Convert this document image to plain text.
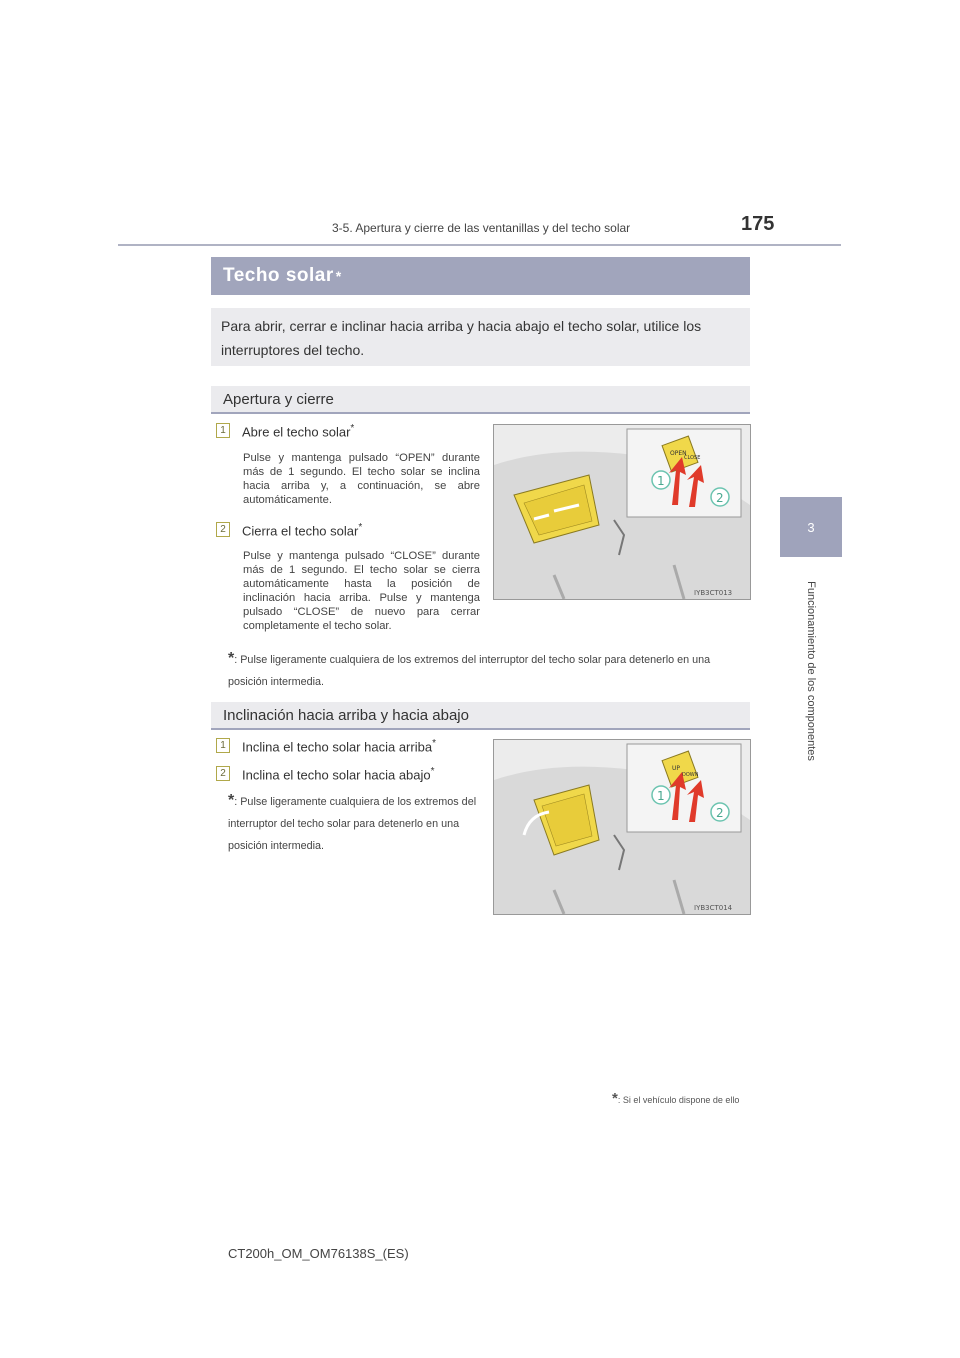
3-5. Apertura y cierre de las ventanillas y del techo solar	175
3
Funcionamiento de los componentes
Techo solar *
Para abrir, cerrar e inclinar hacia arriba y hacia abajo el techo solar, utilice los interruptores del techo.
Apertura y cierre
1	Abre el techo solar*
Pulse y mantenga pulsado “OPEN” durante más de 1 segundo. El techo solar se inclina hacia arriba y, a continuación, se abre automáticamente.
2	Cierra el techo solar*
Pulse y mantenga pulsado “CLOSE” durante más de 1 segundo. El techo solar se cierra automáticamente hasta la posición de inclinación hacia arriba. Pulse y mantenga pulsado “CLOSE” de nuevo para cerrar completamente el techo solar.
OPEN
CLOSE
1
2
IYB3CT013
*: Pulse ligeramente cualquiera de los extremos del interruptor del techo solar para detenerlo en una posición intermedia.
Inclinación hacia arriba y hacia abajo
1	Inclina el techo solar hacia arriba*
2	Inclina el techo solar hacia abajo*
*: Pulse ligeramente cualquiera de los extremos del interruptor del techo solar para detenerlo en una posición intermedia.
UP
DOWN
1
2
IYB3CT014
*: Si el vehículo dispone de ello
CT200h_OM_OM76138S_(ES)
